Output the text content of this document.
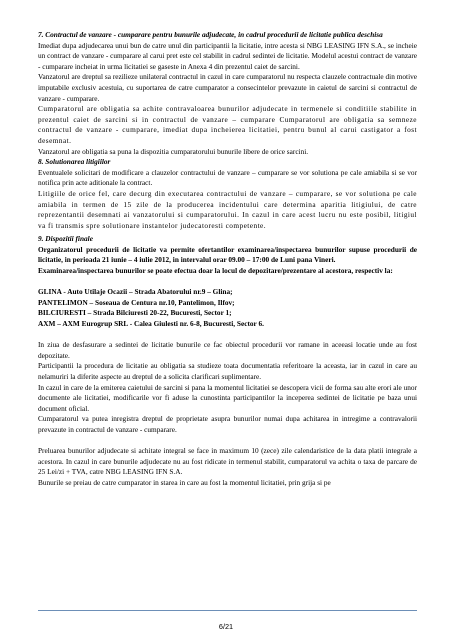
7. Contractul de vanzare - cumparare pentru bunurile adjudecate, in cadrul procedurii de licitatie publica deschisa

Imediat dupa adjudecarea unui bun de catre unul din participantii la licitatie, intre acesta si NBG LEASING IFN S.A., se incheie un contract de vanzare - cumparare al carui pret este cel stabilit in cadrul sedintei de licitatie. Modelul acestui contract de vanzare - cumparare incheiat in urma licitatiei se gaseste in Anexa 4 din prezentul caiet de sarcini.

Vanzatorul are dreptul sa rezilieze unilateral contractul in cazul in care cumparatorul nu respecta clauzele contractuale din motive imputabile exclusiv acestuia, cu suportarea de catre cumparator a consecintelor prevazute in caietul de sarcini si contractul de vanzare - cumparare.

Cumparatorul are obligatia sa achite contravaloarea bunurilor adjudecate in termenele si conditiile stabilite in prezentul caiet de sarcini si in contractul de vanzare – cumparare Cumparatorul are obligatia sa semneze contractul de vanzare - cumparare, imediat dupa incheierea licitatiei, pentru bunul al carui castigator a fost desemnat.

Vanzatorul are obligatia sa puna la dispozitia cumparatorului bunurile libere de orice sarcini.

8. Solutionarea litigiilor

Eventualele solicitari de modificare a clauzelor contractului de vanzare – cumparare se vor solutiona pe cale amiabila si se vor notifica prin acte aditionale la contract.

Litigiile de orice fel, care decurg din executarea contractului de vanzare – cumparare, se vor solutiona pe cale amiabila in termen de 15 zile de la producerea incidentului care determina aparitia litigiului, de catre reprezentantii desemnati ai vanzatorului si cumparatorului. In cazul in care acest lucru nu este posibil, litigiul va fi transmis spre solutionare instantelor judecatoresti competente.

9. Dispozitii finale

Organizatorul procedurii de licitatie va permite ofertantilor examinarea/inspectarea bunurilor supuse procedurii de licitatie, in perioada 21 iunie – 4 iulie 2012, in intervalul orar 09.00 – 17:00 de Luni pana Vineri.

Examinarea/inspectarea bunurilor se poate efectua doar la locul de depozitare/prezentare al acestora, respectiv la:

GLINA - Auto Utilaje Ocazii – Strada Abatorului nr.9 – Glina;

PANTELIMON – Soseaua de Centura nr.10, Pantelimon, Ilfov;

BILCIURESTI – Strada Bilciuresti 20-22, Bucuresti, Sector 1;

AXM – AXM Eurogrup SRL - Calea Giulesti nr. 6-8, Bucuresti, Sector 6.

In ziua de desfasurare a sedintei de licitatie bunurile ce fac obiectul procedurii vor ramane in aceeasi locatie unde au fost depozitate.

Participantii la procedura de licitatie au obligatia sa studieze toata documentatia referitoare la aceasta, iar in cazul in care au nelamuriri la diferite aspecte au dreptul de a solicita clarificari suplimentare.

In cazul in care de la emiterea caietului de sarcini si pana la momentul licitatiei se descopera vicii de forma sau alte erori ale unor documente ale licitatiei, modificarile vor fi aduse la cunostinta participantilor la inceperea sedintei de licitatie pe baza unui document oficial.

Cumparatorul va putea inregistra dreptul de proprietate asupra bunurilor numai dupa achitarea in intregime a contravalorii prevazute in contractul de vanzare - cumparare.

Preluarea bunurilor adjudecate si achitate integral se face in maximum 10 (zece) zile calendaristice de la data platii integrale a acestora. In cazul in care bunurile adjudecate nu au fost ridicate in termenul stabilit, cumparatorul va achita o taxa de parcare de 25 Lei/zi + TVA, catre NBG LEASING IFN S.A.

Bunurile se preiau de catre cumparator in starea in care au fost la momentul licitatiei, prin grija si pe

6/21
